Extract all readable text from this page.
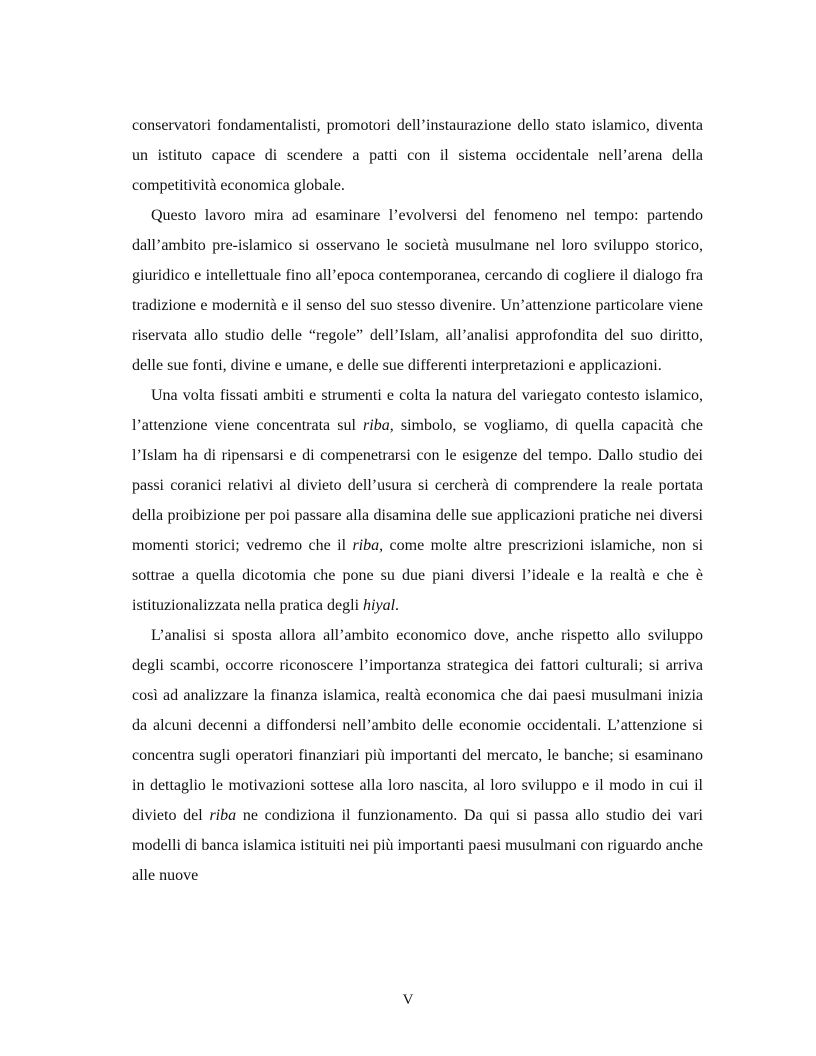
conservatori fondamentalisti, promotori dell’instaurazione dello stato islamico, diventa un istituto capace di scendere a patti con il sistema occidentale nell’arena della competitività economica globale.

Questo lavoro mira ad esaminare l’evolversi del fenomeno nel tempo: partendo dall’ambito pre-islamico si osservano le società musulmane nel loro sviluppo storico, giuridico e intellettuale fino all’epoca contemporanea, cercando di cogliere il dialogo fra tradizione e modernità e il senso del suo stesso divenire. Un’attenzione particolare viene riservata allo studio delle “regole” dell’Islam, all’analisi approfondita del suo diritto, delle sue fonti, divine e umane, e delle sue differenti interpretazioni e applicazioni.

Una volta fissati ambiti e strumenti e colta la natura del variegato contesto islamico, l’attenzione viene concentrata sul riba, simbolo, se vogliamo, di quella capacità che l’Islam ha di ripensarsi e di compenetrarsi con le esigenze del tempo. Dallo studio dei passi coranici relativi al divieto dell’usura si cercherà di comprendere la reale portata della proibizione per poi passare alla disamina delle sue applicazioni pratiche nei diversi momenti storici; vedremo che il riba, come molte altre prescrizioni islamiche, non si sottrae a quella dicotomia che pone su due piani diversi l’ideale e la realtà e che è istituzionalizzata nella pratica degli hiyal.

L’analisi si sposta allora all’ambito economico dove, anche rispetto allo sviluppo degli scambi, occorre riconoscere l’importanza strategica dei fattori culturali; si arriva così ad analizzare la finanza islamica, realtà economica che dai paesi musulmani inizia da alcuni decenni a diffondersi nell’ambito delle economie occidentali. L’attenzione si concentra sugli operatori finanziari più importanti del mercato, le banche; si esaminano in dettaglio le motivazioni sottese alla loro nascita, al loro sviluppo e il modo in cui il divieto del riba ne condiziona il funzionamento. Da qui si passa allo studio dei vari modelli di banca islamica istituiti nei più importanti paesi musulmani con riguardo anche alle nuove

V
